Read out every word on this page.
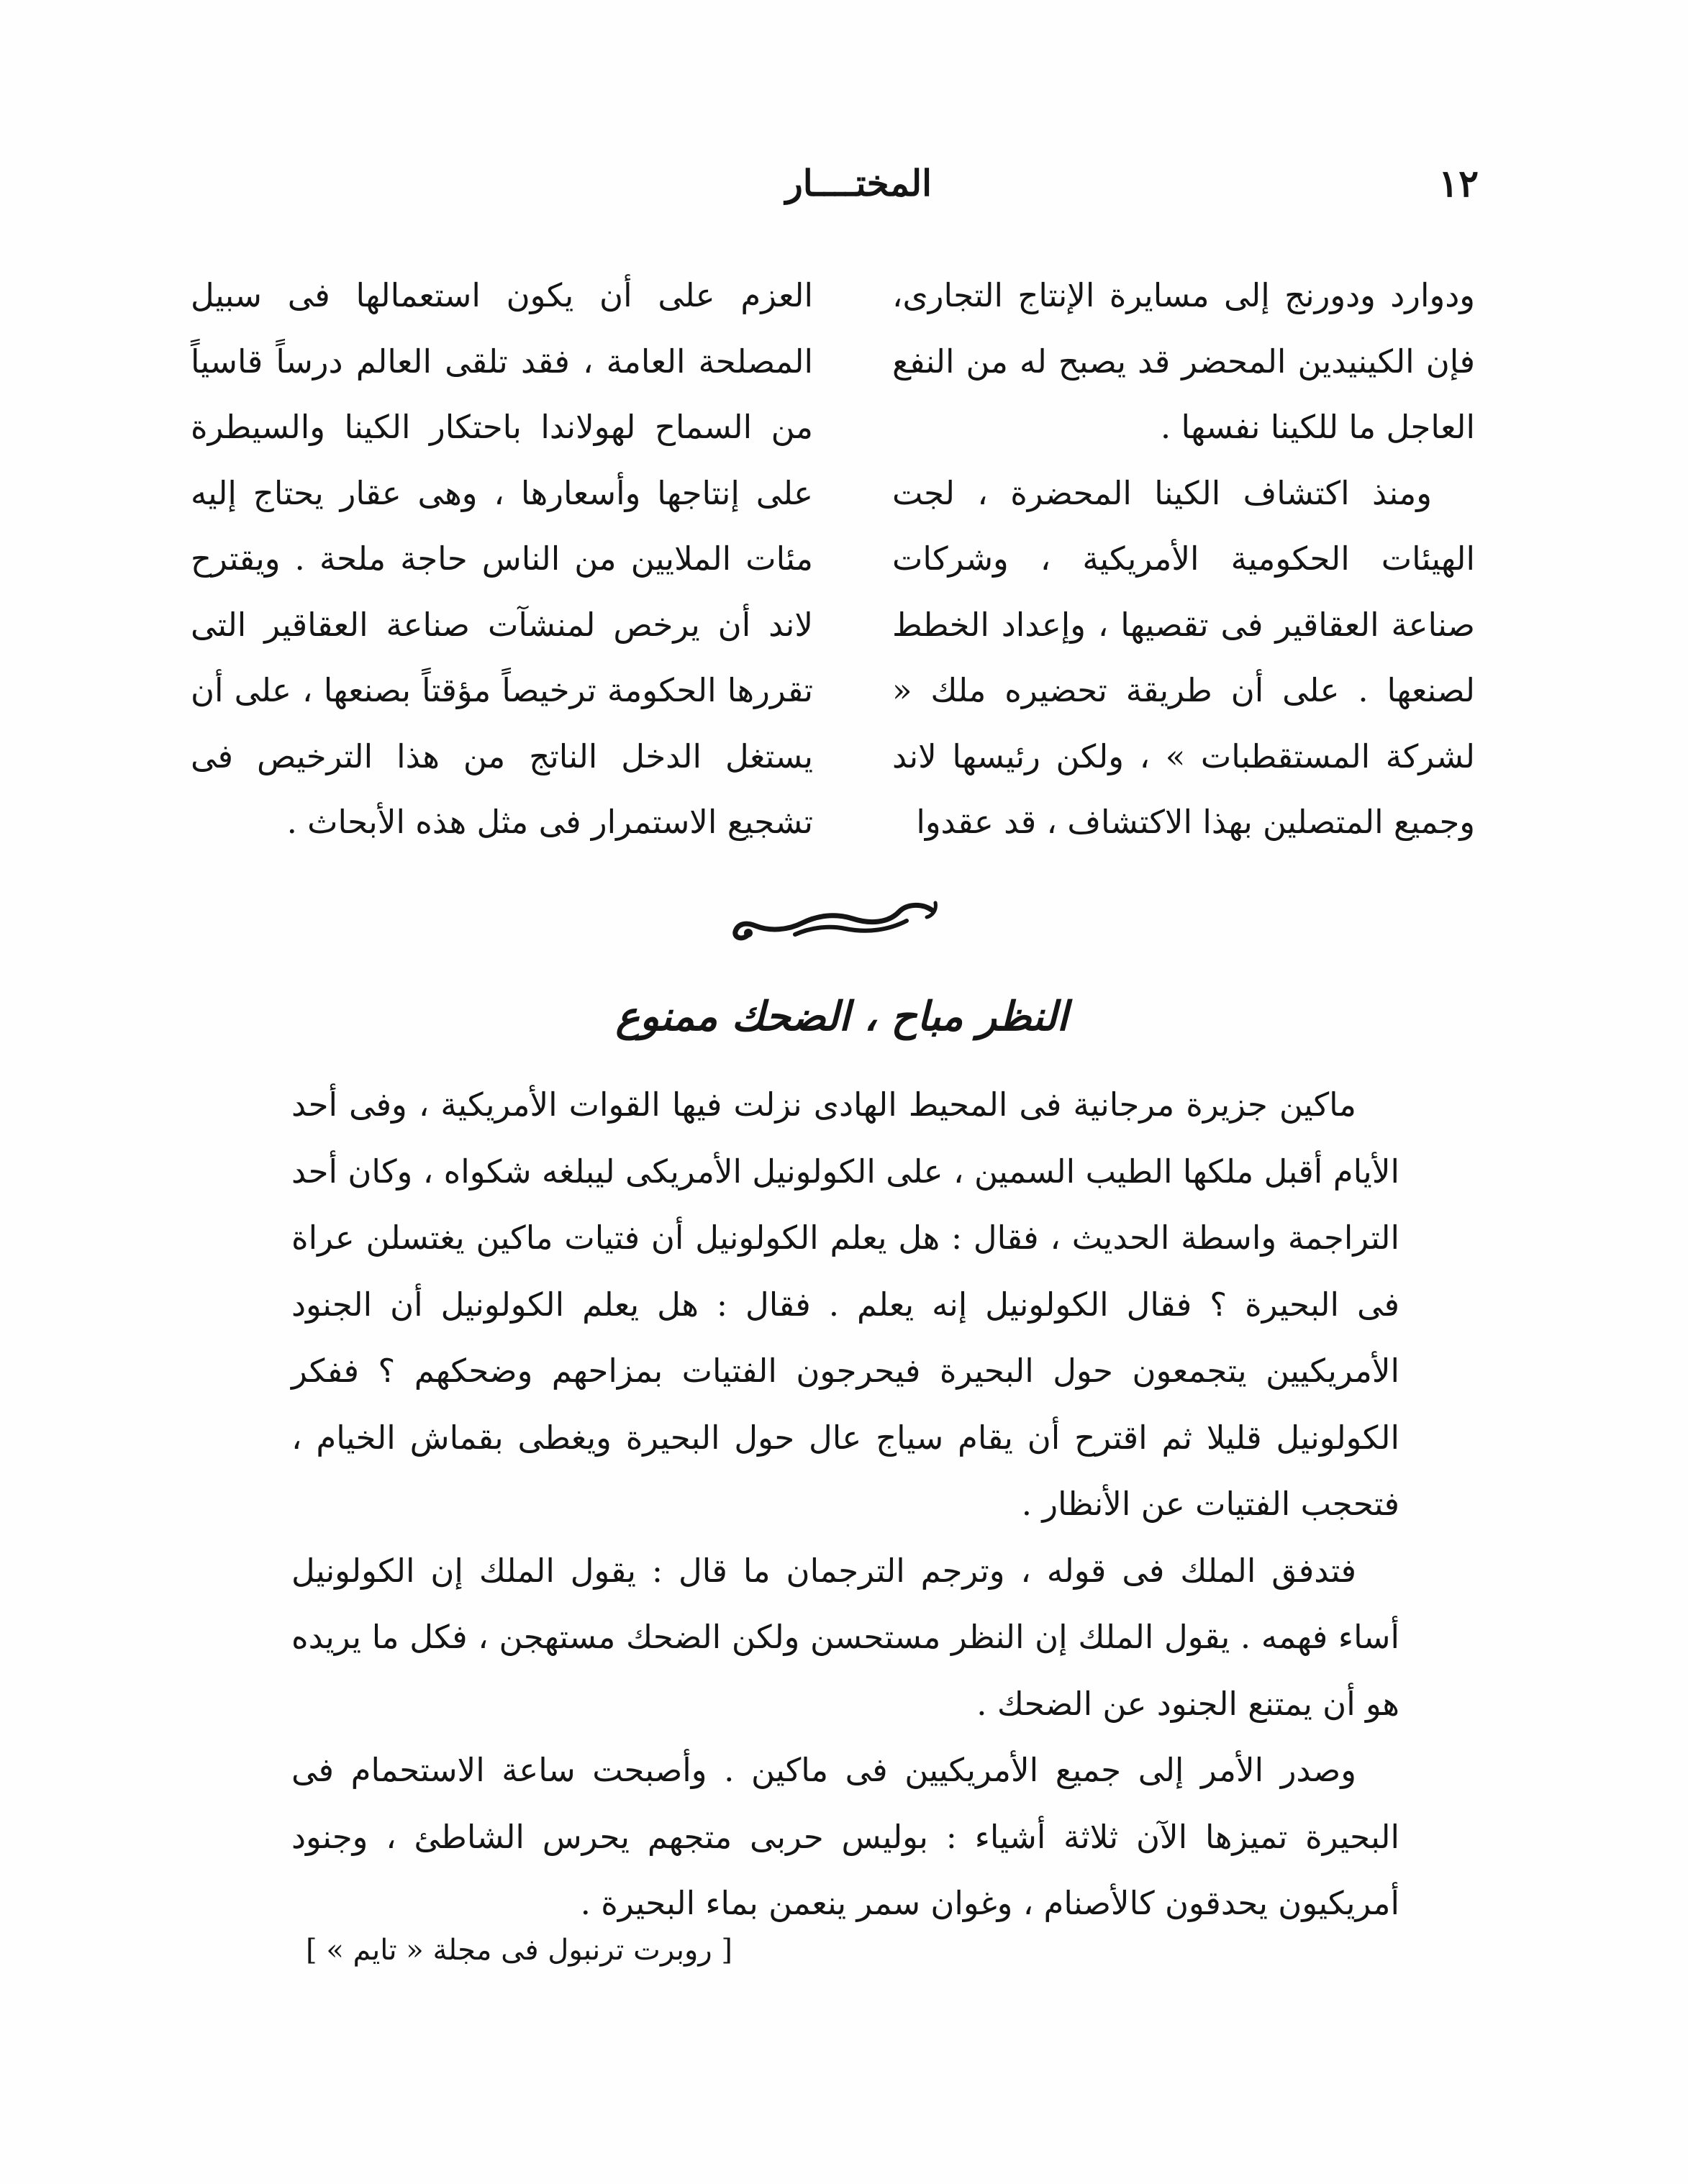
١٢
المختــــار

ودوارد ودورنج إلى مسايرة الإنتاج التجارى، فإن الكينيدين المحضر قد يصبح له من النفع العاجل ما للكينا نفسها .

ومنذ اكتشاف الكينا المحضرة ، لجت الهيئات الحكومية الأمريكية ، وشركات صناعة العقاقير فى تقصيها ، وإعداد الخطط لصنعها . على أن طريقة تحضيره ملك « لشركة المستقطبات » ، ولكن رئيسها لاند وجميع المتصلين بهذا الاكتشاف ، قد عقدوا

العزم على أن يكون استعمالها فى سبيل المصلحة العامة ، فقد تلقى العالم درساً قاسياً من السماح لهولاندا باحتكار الكينا والسيطرة على إنتاجها وأسعارها ، وهى عقار يحتاج إليه مئات الملايين من الناس حاجة ملحة . ويقترح لاند أن يرخص لمنشآت صناعة العقاقير التى تقررها الحكومة ترخيصاً مؤقتاً بصنعها ، على أن يستغل الدخل الناتج من هذا الترخيص فى تشجيع الاستمرار فى مثل هذه الأبحاث .

النظر مباح ، الضحك ممنوع

ماكين جزيرة مرجانية فى المحيط الهادى نزلت فيها القوات الأمريكية ، وفى أحد الأيام أقبل ملكها الطيب السمين ، على الكولونيل الأمريكى ليبلغه شكواه ، وكان أحد التراجمة واسطة الحديث ، فقال : هل يعلم الكولونيل أن فتيات ماكين يغتسلن عراة فى البحيرة ؟ فقال الكولونيل إنه يعلم . فقال : هل يعلم الكولونيل أن الجنود الأمريكيين يتجمعون حول البحيرة فيحرجون الفتيات بمزاحهم وضحكهم ؟ ففكر الكولونيل قليلا ثم اقترح أن يقام سياج عال حول البحيرة ويغطى بقماش الخيام ، فتحجب الفتيات عن الأنظار .

فتدفق الملك فى قوله ، وترجم الترجمان ما قال : يقول الملك إن الكولونيل أساء فهمه . يقول الملك إن النظر مستحسن ولكن الضحك مستهجن ، فكل ما يريده هو أن يمتنع الجنود عن الضحك .

وصدر الأمر إلى جميع الأمريكيين فى ماكين . وأصبحت ساعة الاستحمام فى البحيرة تميزها الآن ثلاثة أشياء : بوليس حربى متجهم يحرس الشاطئ ، وجنود أمريكيون يحدقون كالأصنام ، وغوان سمر ينعمن بماء البحيرة .

[ روبرت ترنبول فى مجلة « تايم » ]
